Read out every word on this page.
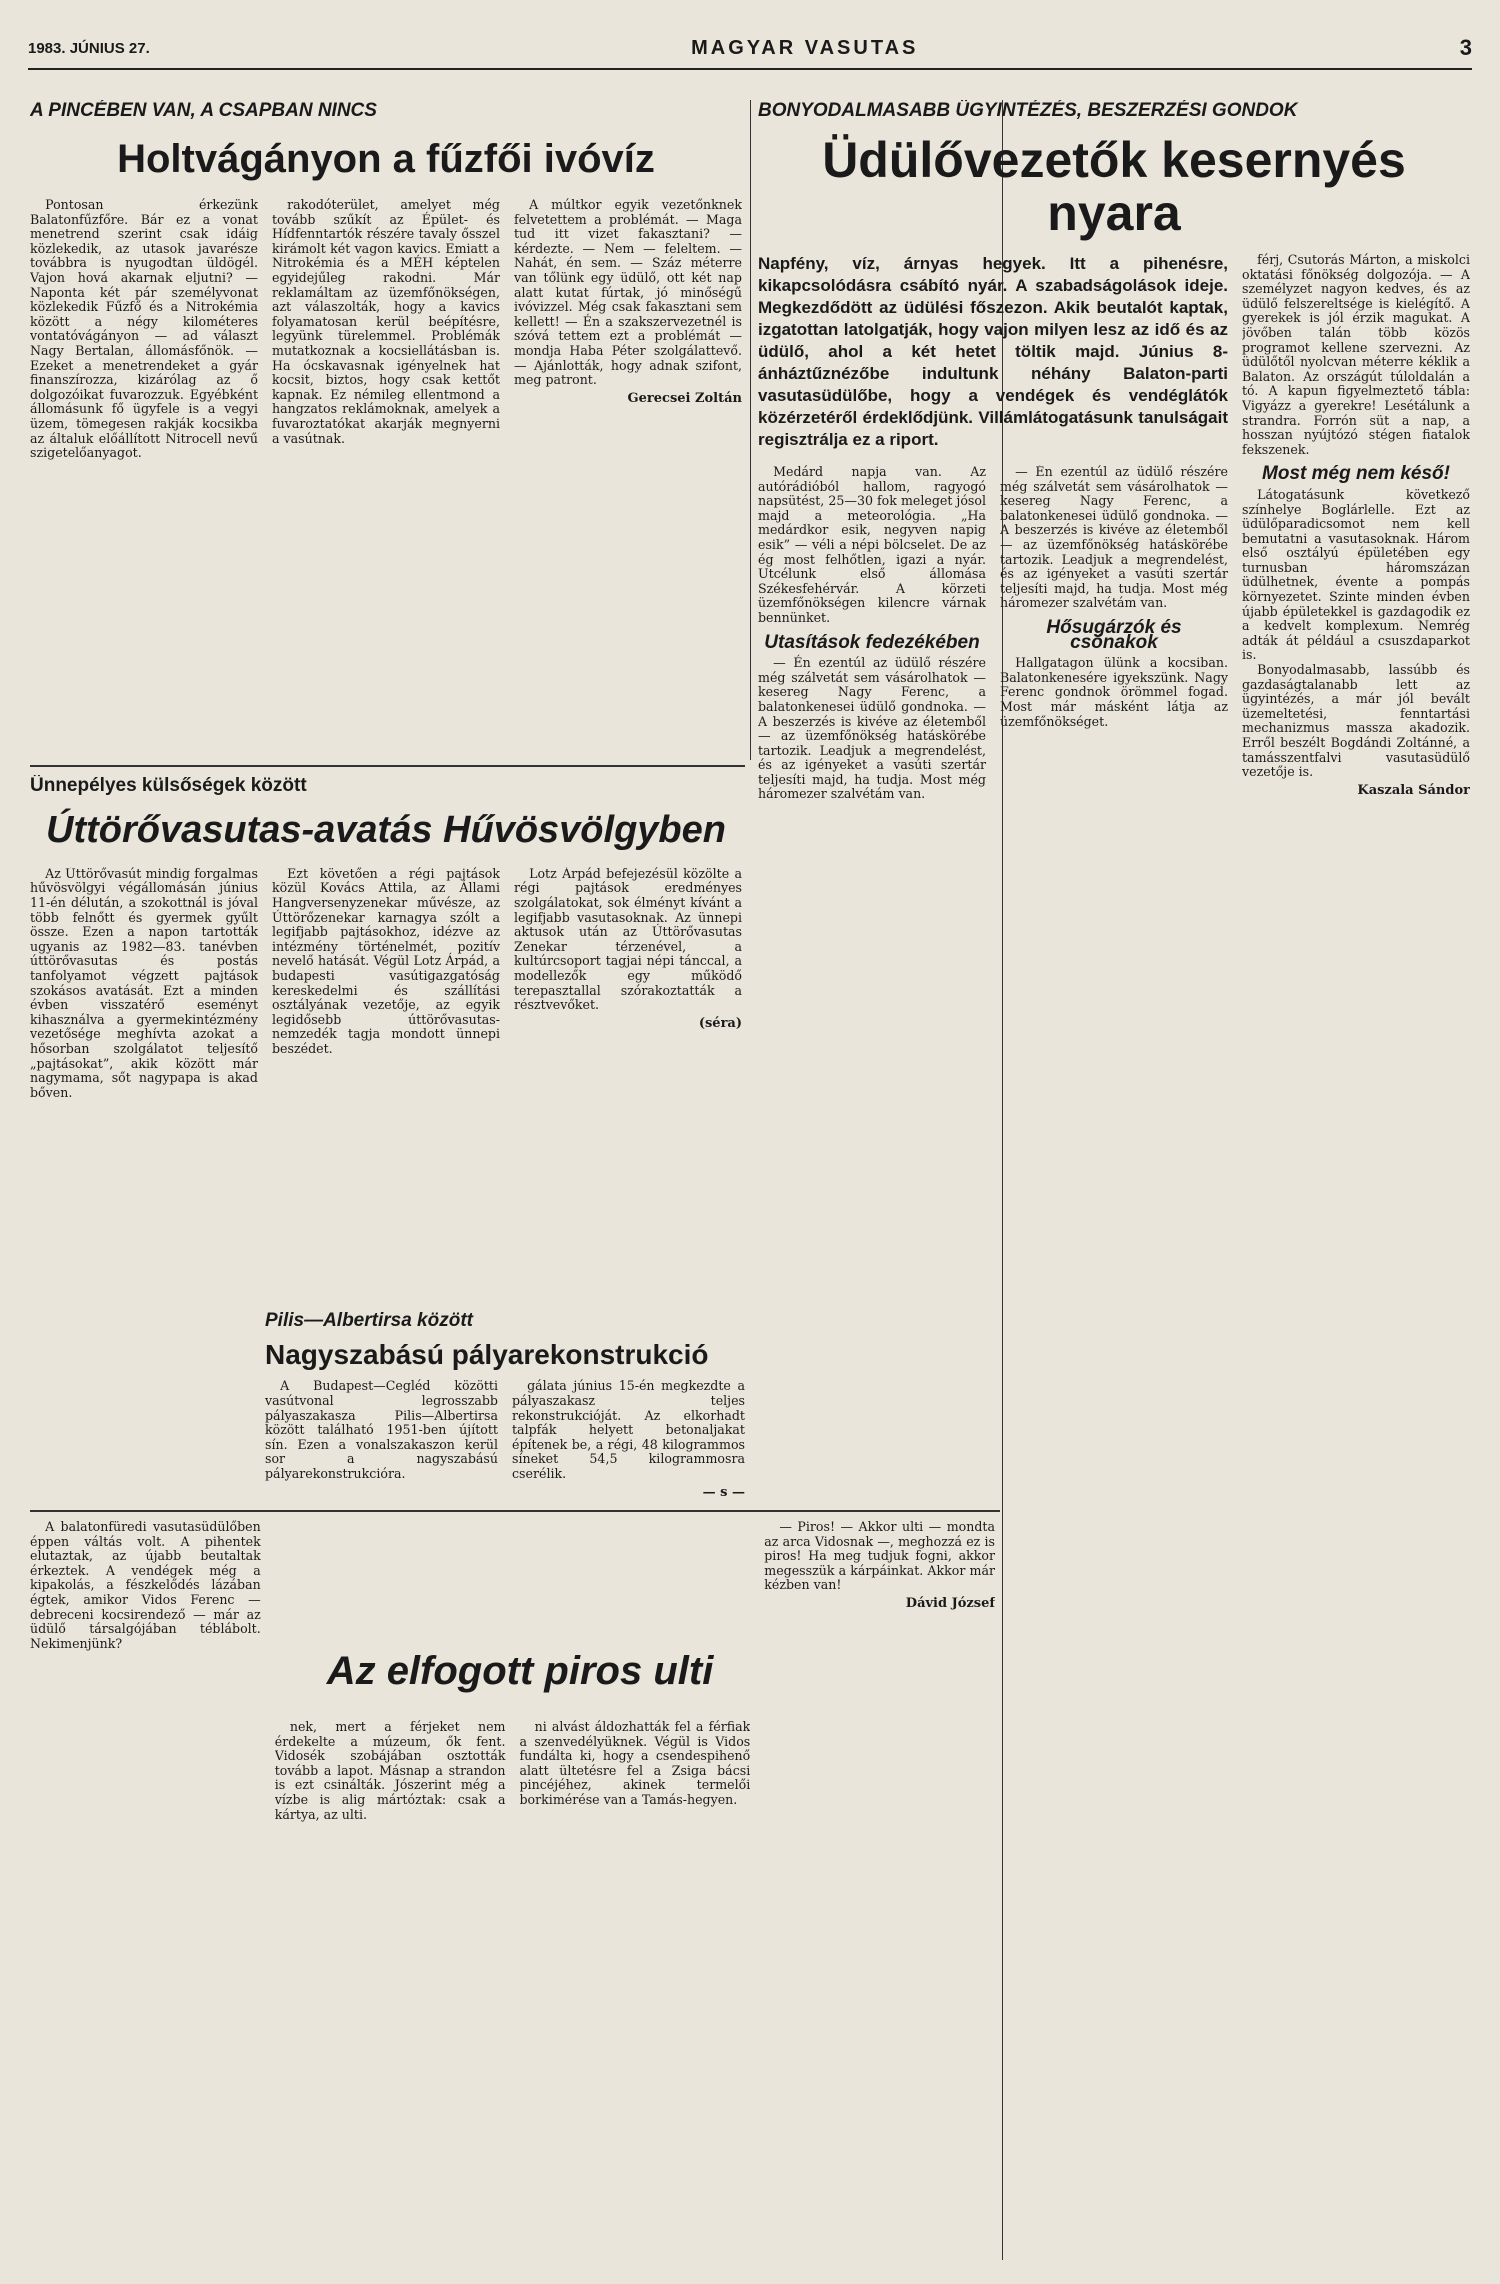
1983. JÚNIUS 27.	MAGYAR VASUTAS	3
A PINCÉBEN VAN, A CSAPBAN NINCS
Holtvágányon a fűzfői ivóvíz

Pontosan érkezünk Balatonfűzfőre. Bár ez a vonat menetrend szerint csak idáig közlekedik, az utasok javarésze továbbra is nyugodtan üldögél. Vajon hová akarnak eljutni? — Naponta két pár személyvonat közlekedik Fűzfő és a Nitrokémia között a négy kilométeres vontatóvágányon — ad választ Nagy Bertalan, állomásfőnök. — Ezeket a menetrendeket a gyár finanszírozza, kizárólag az ő dolgozóikat fuvarozzuk. Egyébként állomásunk fő ügyfele is a vegyi üzem, tömegesen rakják kocsikba az általuk előállított Nitrocell nevű szigetelőanyagot.

rakodóterület, amelyet még tovább szűkít az Épület- és Hídfenntartók részére tavaly ősszel kirámolt két vagon kavics. Emiatt a Nitrokémia és a MÉH képtelen egyidejűleg rakodni. Már reklamáltam az üzemfőnökségen, azt válaszolták, hogy a kavics folyamatosan kerül beépítésre, legyünk türelemmel. Problémák mutatkoznak a kocsiellátásban is. Ha ócskavasnak igényelnek hat kocsit, biztos, hogy csak kettőt kapnak. Ez némileg ellentmond a hangzatos reklámoknak, amelyek a fuvaroztatókat akarják megnyerni a vasútnak.

A múltkor egyik vezetőnknek felvetettem a problémát. — Maga tud itt vizet fakasztani? — kérdezte. — Nem — feleltem. — Nahát, én sem. — Száz méterre van tőlünk egy üdülő, ott két nap alatt kutat fúrtak, jó minőségű ivóvizzel. Még csak fakasztani sem kellett! — Én a szakszervezetnél is szóvá tettem ezt a problémát — mondja Haba Péter szolgálattevő. — Ajánlották, hogy adnak szifont, meg patront.

Gerecsei Zoltán
BONYODALMASABB ÜGYINTÉZÉS, BESZERZÉSI GONDOK
Üdülővezetők kesernyés nyara
Napfény, víz, árnyas hegyek. Itt a pihenésre, kikapcsolódásra csábító nyár. A szabadságolások ideje. Megkezdődött az üdülési főszezon. Akik beutalót kaptak, izgatottan latolgatják, hogy vajon milyen lesz az idő és az üdülő, ahol a két hetet töltik majd. Június 8-ánháztűznézőbe indultunk néhány Balaton-parti vasutasüdülőbe, hogy a vendégek és vendéglátók közérzetéről érdeklődjünk. Villámlátogatásunk tanulságait regisztrálja ez a riport.

Medárd napja van. Az autórádióból hallom, ragyogó napsütést, 25—30 fok meleget jósol majd a meteorológia. „Ha medárdkor esik, negyven napig esik” — véli a népi bölcselet. De az ég most felhőtlen, igazi a nyár. Utcélunk első állomása Székesfehérvár. A körzeti üzemfőnökségen kilencre várnak bennünket.

Utasítások fedezékében

— Én ezentúl az üdülő részére még szálvetát sem vásárolhatok — kesereg Nagy Ferenc, a balatonkenesei üdülő gondnoka. — A beszerzés is kivéve az életemből — az üzemfőnökség hatáskörébe tartozik. Leadjuk a megrendelést, és az igényeket a vasúti szertár teljesíti majd, ha tudja. Most még háromezer szalvétám van.

— Én ezentúl az üdülő részére még szálvetát sem vásárolhatok — kesereg Nagy Ferenc, a balatonkenesei üdülő gondnoka. — A beszerzés is kivéve az életemből — az üzemfőnökség hatáskörébe tartozik. Leadjuk a megrendelést, és az igényeket a vasúti szertár teljesíti majd, ha tudja. Most még háromezer szalvétám van.

Hősugárzók és csónakok

Hallgatagon ülünk a kocsiban. Balatonkenesére igyekszünk. Nagy Ferenc gondnok örömmel fogad. Most már másként látja az üzemfőnökséget.

férj, Csutorás Márton, a miskolci oktatási főnökség dolgozója. — A személyzet nagyon kedves, és az üdülő felszereltsége is kielégítő. A gyerekek is jól érzik magukat. A jövőben talán több közös programot kellene szervezni. Az üdülőtől nyolcvan méterre kéklik a Balaton. Az országút túloldalán a tó. A kapun figyelmeztető tábla: Vigyázz a gyerekre! Lesétálunk a strandra. Forrón süt a nap, a hosszan nyújtózó stégen fiatalok fekszenek.

Most még nem késő!

Látogatásunk következő színhelye Boglárlelle. Ezt az üdülőparadicsomot nem kell bemutatni a vasutasoknak. Három első osztályú épületében egy turnusban háromszázan üdülhetnek, évente a pompás környezetet. Szinte minden évben újabb épületekkel is gazdagodik ez a kedvelt komplexum. Nemrég adták át például a csuszdaparkot is.

Bonyodalmasabb, lassúbb és gazdaságtalanabb lett az ügyintézés, a már jól bevált üzemeltetési, fenntartási mechanizmus massza akadozik. Erről beszélt Bogdándi Zoltánné, a tamásszentfalvi vasutasüdülő vezetője is.

Kaszala Sándor
Ünnepélyes külsőségek között
Úttörővasutas-avatás Hűvösvölgyben

Az Úttörővasút mindig forgalmas hűvösvölgyi végállomásán június 11-én délután, a szokottnál is jóval több felnőtt és gyermek gyűlt össze. Ezen a napon tartották ugyanis az 1982—83. tanévben úttörővasutas és postás tanfolyamot végzett pajtások szokásos avatását. Ezt a minden évben visszatérő eseményt kihasználva a gyermekintézmény vezetősége meghívta azokat a hősorban szolgálatot teljesítő „pajtásokat”, akik között már nagymama, sőt nagypapa is akad bőven.

Ezt követően a régi pajtások közül Kovács Attila, az Állami Hangversenyzenekar művésze, az Úttörőzenekar karnagya szólt a legifjabb pajtásokhoz, idézve az intézmény történelmét, pozitív nevelő hatását. Végül Lotz Árpád, a budapesti vasútigazgatóság kereskedelmi és szállítási osztályának vezetője, az egyik legidősebb úttörővasutas-nemzedék tagja mondott ünnepi beszédet.

Lotz Árpád befejezésül közölte a régi pajtások eredményes szolgálatokat, sok élményt kívánt a legifjabb vasutasoknak. Az ünnepi aktusok után az Úttörővasutas Zenekar térzenével, a kultúrcsoport tagjai népi tánccal, a modellezők egy működő terepasztallal szórakoztatták a résztvevőket.

(séra)
Pilis—Albertirsa között
Nagyszabású pályarekonstrukció

A Budapest—Cegléd közötti vasútvonal legrosszabb pályaszakasza Pilis—Albertirsa között található 1951-ben újított sín. Ezen a vonalszakaszon kerül sor a nagyszabású pályarekonstrukcióra.

gálata június 15-én megkezdte a pályaszakasz teljes rekonstrukcióját. Az elkorhadt talpfák helyett betonaljakat építenek be, a régi, 48 kilogrammos síneket 54,5 kilogrammosra cserélik.

— s —
Az elfogott piros ulti

A balatonfüredi vasutasüdülőben éppen váltás volt. A pihentek elutaztak, az újabb beutaltak érkeztek. A vendégek még a kipakolás, a fészkelődés lázában égtek, amikor Vidos Ferenc — debreceni kocsirendező — már az üdülő társalgójában téblábolt. Nekimenjünk?

nek, mert a férjeket nem érdekelte a múzeum, ők fent. Vidosék szobájában osztották tovább a lapot. Másnap a strandon is ezt csinálták. Jószerint még a vízbe is alig mártóztak: csak a kártya, az ulti.

ni alvást áldozhatták fel a férfiak a szenvedélyüknek. Végül is Vidos fundálta ki, hogy a csendespihenő alatt ültetésre fel a Zsiga bácsi pincéjéhez, akinek termelői borkimérése van a Tamás-hegyen.

— Piros! — Akkor ulti — mondta az arca Vidosnak —, meghozzá ez is piros! Ha meg tudjuk fogni, akkor megesszük a kárpáinkat. Akkor már kézben van!

Dávid József
